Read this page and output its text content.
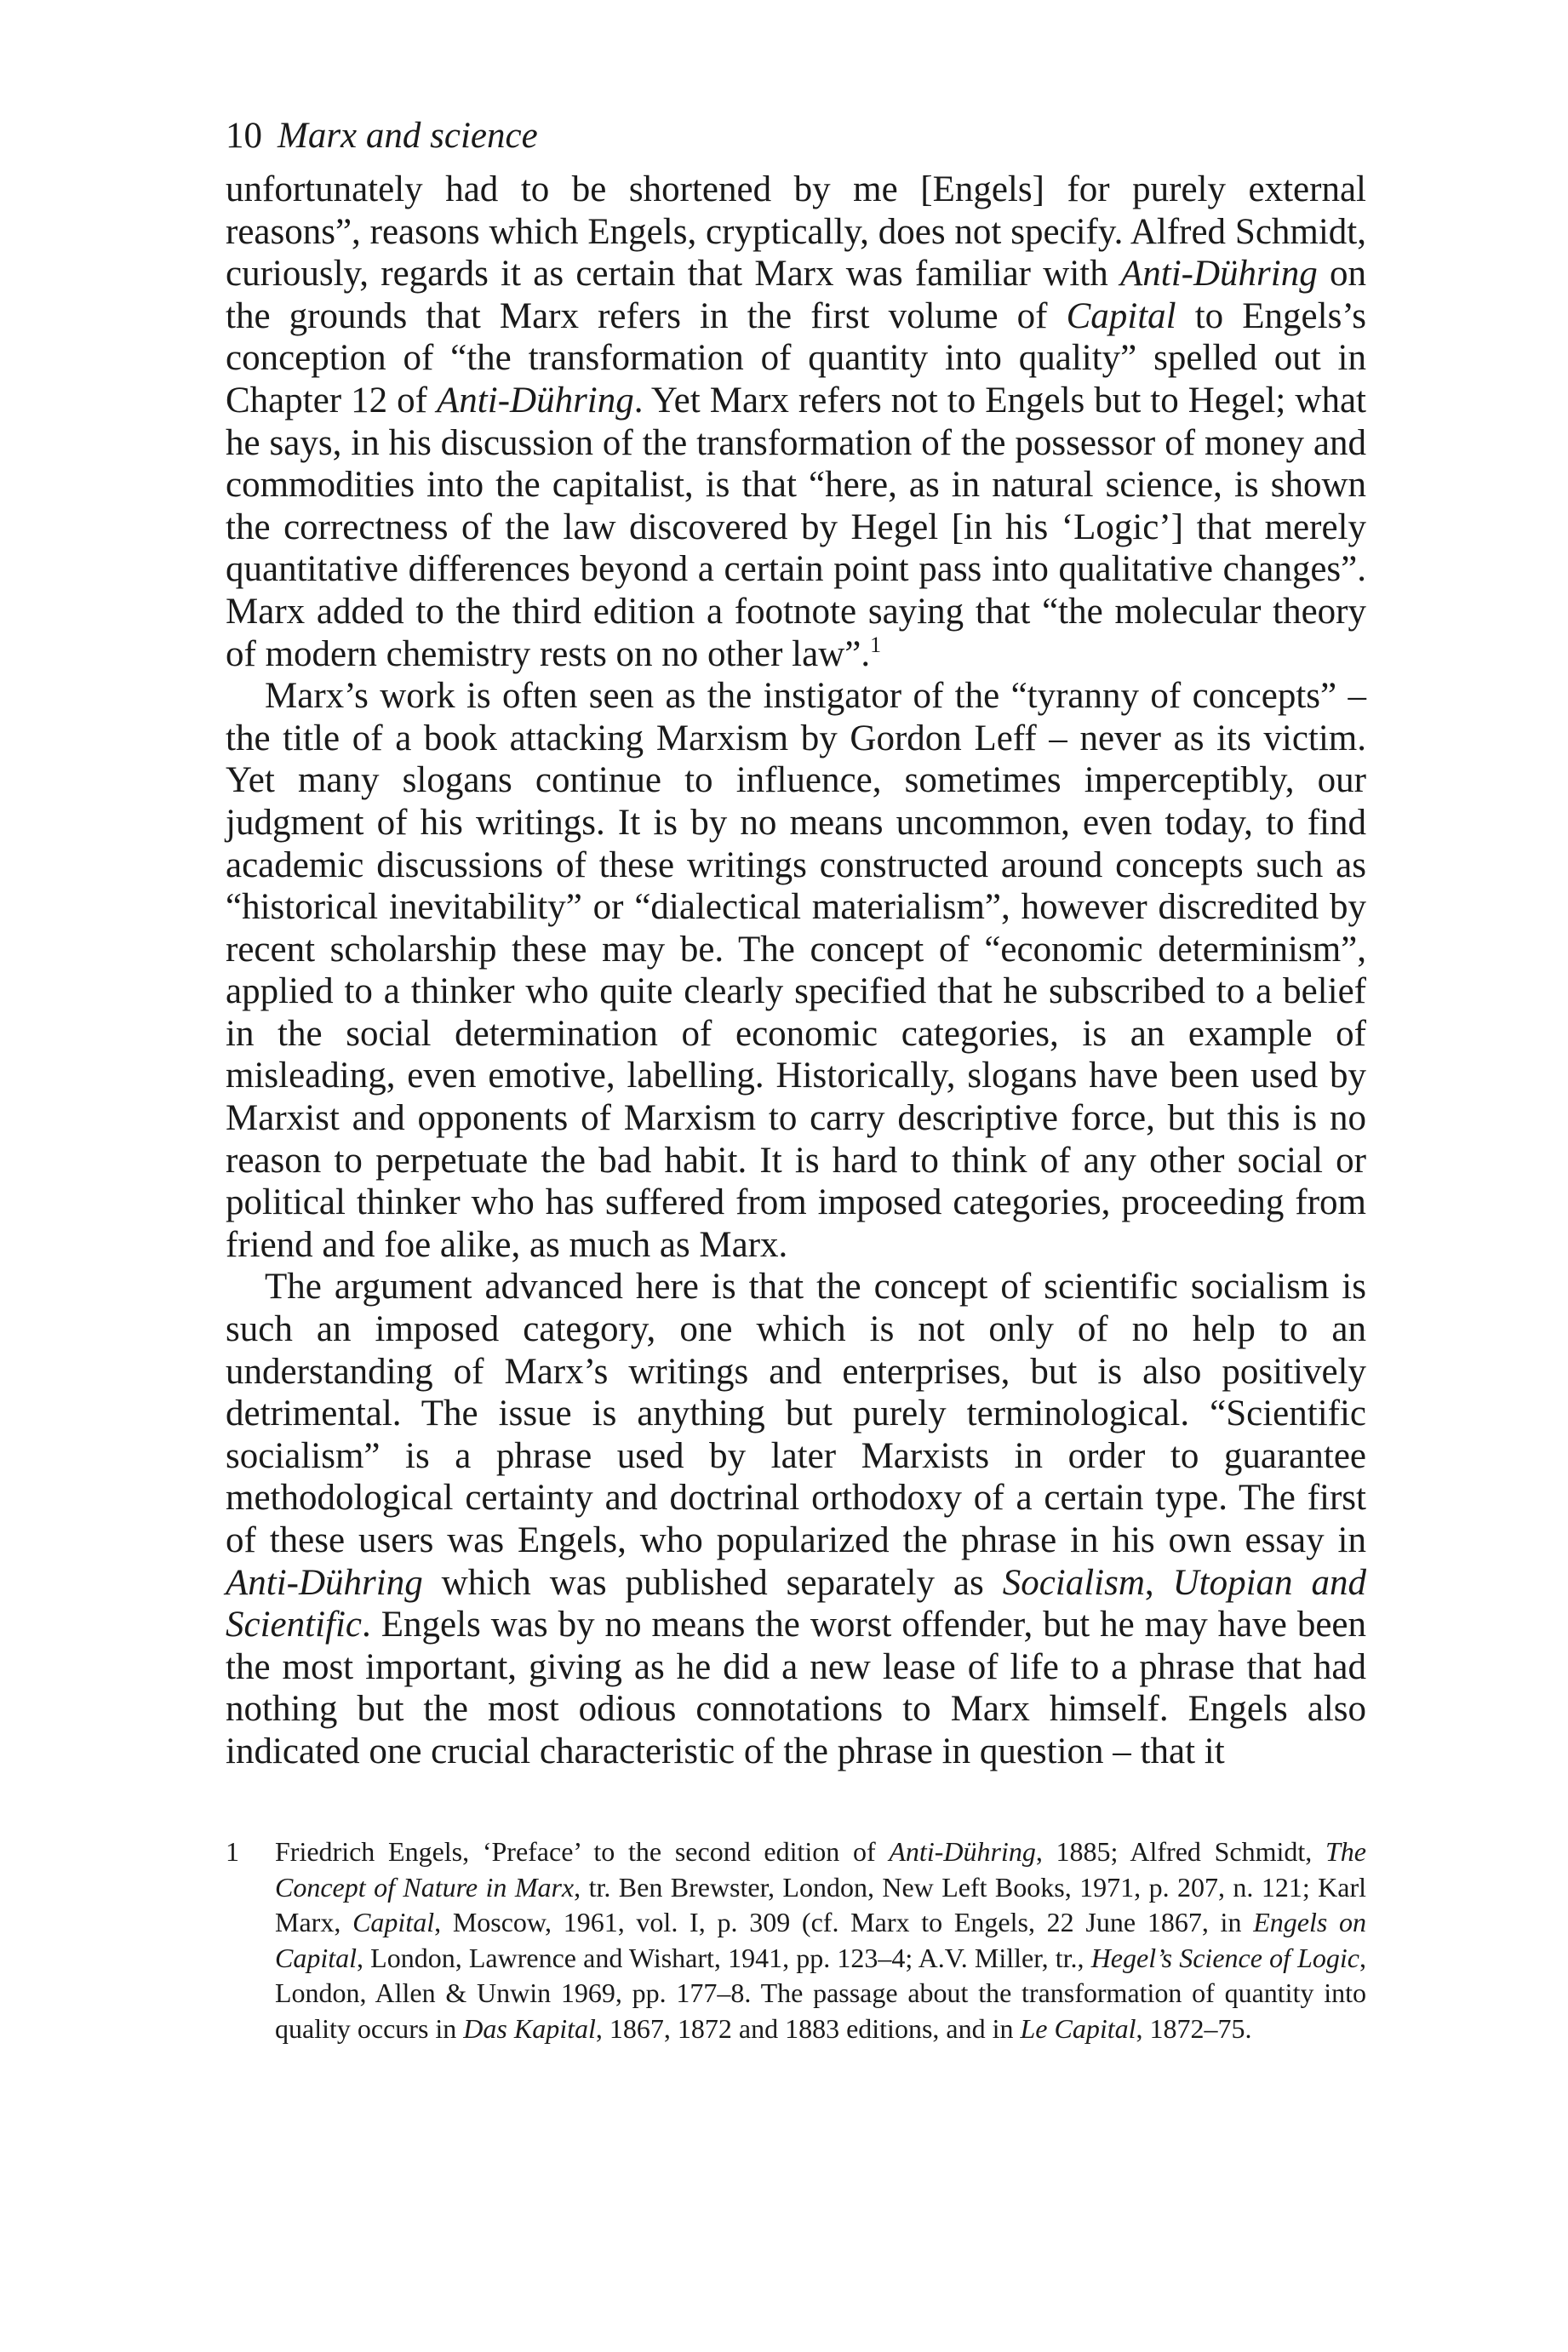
10 Marx and science

unfortunately had to be shortened by me [Engels] for purely external reasons”, reasons which Engels, cryptically, does not specify. Alfred Schmidt, curiously, regards it as certain that Marx was familiar with Anti-Dühring on the grounds that Marx refers in the first volume of Capital to Engels’s conception of “the transformation of quantity into quality” spelled out in Chapter 12 of Anti-Dühring. Yet Marx refers not to Engels but to Hegel; what he says, in his discussion of the transformation of the possessor of money and commodities into the capitalist, is that “here, as in natural science, is shown the correctness of the law discovered by Hegel [in his ‘Logic’] that merely quantitative differences beyond a certain point pass into qualitative changes”. Marx added to the third edition a footnote saying that “the molecular theory of modern chemistry rests on no other law”.$^1$

Marx’s work is often seen as the instigator of the “tyranny of concepts” – the title of a book attacking Marxism by Gordon Leff – never as its victim. Yet many slogans continue to influence, sometimes imperceptibly, our judgment of his writings. It is by no means uncommon, even today, to find academic discussions of these writings constructed around concepts such as “historical inevitability” or “dialectical materialism”, however discredited by recent scholarship these may be. The concept of “economic determinism”, applied to a thinker who quite clearly specified that he subscribed to a belief in the social determination of economic categories, is an example of misleading, even emotive, labelling. Historically, slogans have been used by Marxist and opponents of Marxism to carry descriptive force, but this is no reason to perpetuate the bad habit. It is hard to think of any other social or political thinker who has suffered from imposed categories, proceeding from friend and foe alike, as much as Marx.

The argument advanced here is that the concept of scientific socialism is such an imposed category, one which is not only of no help to an understanding of Marx’s writings and enterprises, but is also positively detrimental. The issue is anything but purely terminological. “Scientific socialism” is a phrase used by later Marxists in order to guarantee methodological certainty and doctrinal orthodoxy of a certain type. The first of these users was Engels, who popularized the phrase in his own essay in Anti-Dühring which was published separately as Socialism, Utopian and Scientific. Engels was by no means the worst offender, but he may have been the most important, giving as he did a new lease of life to a phrase that had nothing but the most odious connotations to Marx himself. Engels also indicated one crucial characteristic of the phrase in question – that it

1	Friedrich Engels, ‘Preface’ to the second edition of Anti-Dühring, 1885; Alfred Schmidt, The Concept of Nature in Marx, tr. Ben Brewster, London, New Left Books, 1971, p. 207, n. 121; Karl Marx, Capital, Moscow, 1961, vol. I, p. 309 (cf. Marx to Engels, 22 June 1867, in Engels on Capital, London, Lawrence and Wishart, 1941, pp. 123–4; A.V. Miller, tr., Hegel’s Science of Logic, London, Allen & Unwin 1969, pp. 177–8. The passage about the transformation of quantity into quality occurs in Das Kapital, 1867, 1872 and 1883 editions, and in Le Capital, 1872–75.
